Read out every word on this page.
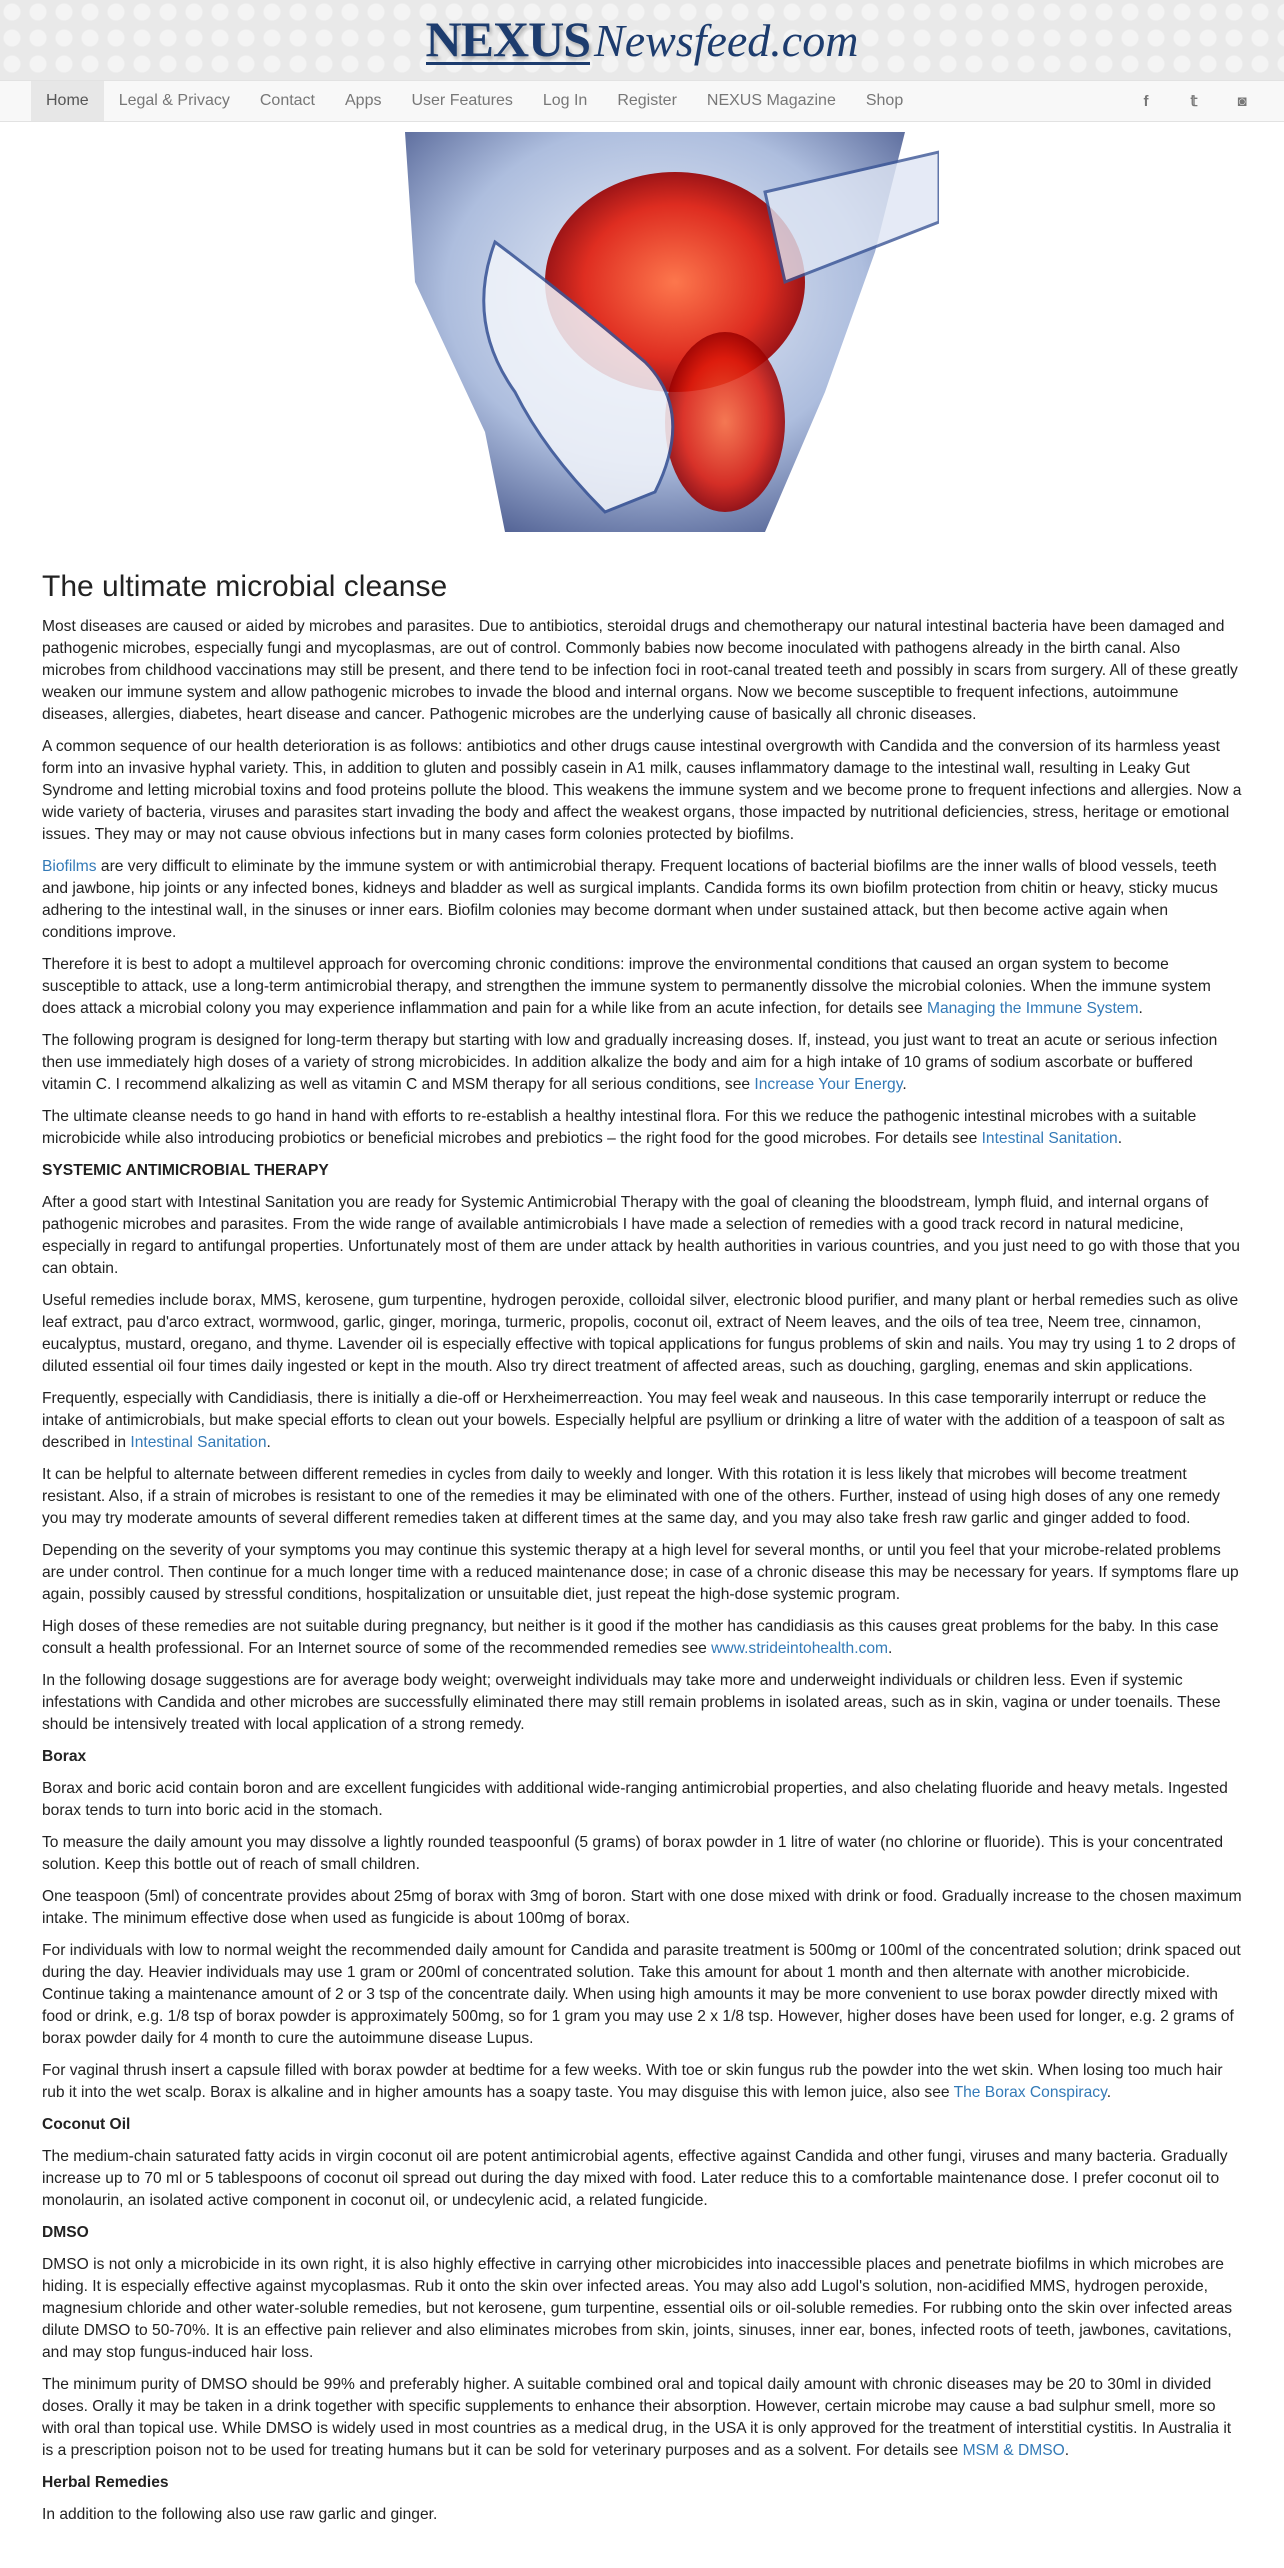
NEXUS Newsfeed.com
Home	Legal & Privacy	Contact	Apps	User Features	Log In	Register	NEXUS Magazine	Shop	f	𝕥	◙
The ultimate microbial cleanse

Most diseases are caused or aided by microbes and parasites. Due to antibiotics, steroidal drugs and chemotherapy our natural intestinal bacteria have been damaged and pathogenic microbes, especially fungi and mycoplasmas, are out of control. Commonly babies now become inoculated with pathogens already in the birth canal. Also microbes from childhood vaccinations may still be present, and there tend to be infection foci in root-canal treated teeth and possibly in scars from surgery. All of these greatly weaken our immune system and allow pathogenic microbes to invade the blood and internal organs. Now we become susceptible to frequent infections, autoimmune diseases, allergies, diabetes, heart disease and cancer. Pathogenic microbes are the underlying cause of basically all chronic diseases.

A common sequence of our health deterioration is as follows: antibiotics and other drugs cause intestinal overgrowth with Candida and the conversion of its harmless yeast form into an invasive hyphal variety. This, in addition to gluten and possibly casein in A1 milk, causes inflammatory damage to the intestinal wall, resulting in Leaky Gut Syndrome and letting microbial toxins and food proteins pollute the blood. This weakens the immune system and we become prone to frequent infections and allergies. Now a wide variety of bacteria, viruses and parasites start invading the body and affect the weakest organs, those impacted by nutritional deficiencies, stress, heritage or emotional issues. They may or may not cause obvious infections but in many cases form colonies protected by biofilms.

Biofilms are very difficult to eliminate by the immune system or with antimicrobial therapy. Frequent locations of bacterial biofilms are the inner walls of blood vessels, teeth and jawbone, hip joints or any infected bones, kidneys and bladder as well as surgical implants. Candida forms its own biofilm protection from chitin or heavy, sticky mucus adhering to the intestinal wall, in the sinuses or inner ears. Biofilm colonies may become dormant when under sustained attack, but then become active again when conditions improve.

Therefore it is best to adopt a multilevel approach for overcoming chronic conditions: improve the environmental conditions that caused an organ system to become susceptible to attack, use a long-term antimicrobial therapy, and strengthen the immune system to permanently dissolve the microbial colonies. When the immune system does attack a microbial colony you may experience inflammation and pain for a while like from an acute infection, for details see Managing the Immune System.

The following program is designed for long-term therapy but starting with low and gradually increasing doses. If, instead, you just want to treat an acute or serious infection then use immediately high doses of a variety of strong microbicides. In addition alkalize the body and aim for a high intake of 10 grams of sodium ascorbate or buffered vitamin C. I recommend alkalizing as well as vitamin C and MSM therapy for all serious conditions, see Increase Your Energy.

The ultimate cleanse needs to go hand in hand with efforts to re-establish a healthy intestinal flora. For this we reduce the pathogenic intestinal microbes with a suitable microbicide while also introducing probiotics or beneficial microbes and prebiotics – the right food for the good microbes. For details see Intestinal Sanitation.

SYSTEMIC ANTIMICROBIAL THERAPY

After a good start with Intestinal Sanitation you are ready for Systemic Antimicrobial Therapy with the goal of cleaning the bloodstream, lymph fluid, and internal organs of pathogenic microbes and parasites. From the wide range of available antimicrobials I have made a selection of remedies with a good track record in natural medicine, especially in regard to antifungal properties. Unfortunately most of them are under attack by health authorities in various countries, and you just need to go with those that you can obtain.

Useful remedies include borax, MMS, kerosene, gum turpentine, hydrogen peroxide, colloidal silver, electronic blood purifier, and many plant or herbal remedies such as olive leaf extract, pau d'arco extract, wormwood, garlic, ginger, moringa, turmeric, propolis, coconut oil, extract of Neem leaves, and the oils of tea tree, Neem tree, cinnamon, eucalyptus, mustard, oregano, and thyme. Lavender oil is especially effective with topical applications for fungus problems of skin and nails. You may try using 1 to 2 drops of diluted essential oil four times daily ingested or kept in the mouth. Also try direct treatment of affected areas, such as douching, gargling, enemas and skin applications.

Frequently, especially with Candidiasis, there is initially a die-off or Herxheimerreaction. You may feel weak and nauseous. In this case temporarily interrupt or reduce the intake of antimicrobials, but make special efforts to clean out your bowels. Especially helpful are psyllium or drinking a litre of water with the addition of a teaspoon of salt as described in Intestinal Sanitation.

It can be helpful to alternate between different remedies in cycles from daily to weekly and longer. With this rotation it is less likely that microbes will become treatment resistant. Also, if a strain of microbes is resistant to one of the remedies it may be eliminated with one of the others. Further, instead of using high doses of any one remedy you may try moderate amounts of several different remedies taken at different times at the same day, and you may also take fresh raw garlic and ginger added to food.

Depending on the severity of your symptoms you may continue this systemic therapy at a high level for several months, or until you feel that your microbe-related problems are under control. Then continue for a much longer time with a reduced maintenance dose; in case of a chronic disease this may be necessary for years. If symptoms flare up again, possibly caused by stressful conditions, hospitalization or unsuitable diet, just repeat the high-dose systemic program.

High doses of these remedies are not suitable during pregnancy, but neither is it good if the mother has candidiasis as this causes great problems for the baby. In this case consult a health professional. For an Internet source of some of the recommended remedies see www.strideintohealth.com.

In the following dosage suggestions are for average body weight; overweight individuals may take more and underweight individuals or children less. Even if systemic infestations with Candida and other microbes are successfully eliminated there may still remain problems in isolated areas, such as in skin, vagina or under toenails. These should be intensively treated with local application of a strong remedy.

Borax

Borax and boric acid contain boron and are excellent fungicides with additional wide-ranging antimicrobial properties, and also chelating fluoride and heavy metals. Ingested borax tends to turn into boric acid in the stomach.

To measure the daily amount you may dissolve a lightly rounded teaspoonful (5 grams) of borax powder in 1 litre of water (no chlorine or fluoride). This is your concentrated solution. Keep this bottle out of reach of small children.

One teaspoon (5ml) of concentrate provides about 25mg of borax with 3mg of boron. Start with one dose mixed with drink or food. Gradually increase to the chosen maximum intake. The minimum effective dose when used as fungicide is about 100mg of borax.

For individuals with low to normal weight the recommended daily amount for Candida and parasite treatment is 500mg or 100ml of the concentrated solution; drink spaced out during the day. Heavier individuals may use 1 gram or 200ml of concentrated solution. Take this amount for about 1 month and then alternate with another microbicide. Continue taking a maintenance amount of 2 or 3 tsp of the concentrate daily. When using high amounts it may be more convenient to use borax powder directly mixed with food or drink, e.g. 1/8 tsp of borax powder is approximately 500mg, so for 1 gram you may use 2 x 1/8 tsp. However, higher doses have been used for longer, e.g. 2 grams of borax powder daily for 4 month to cure the autoimmune disease Lupus.

For vaginal thrush insert a capsule filled with borax powder at bedtime for a few weeks. With toe or skin fungus rub the powder into the wet skin. When losing too much hair rub it into the wet scalp. Borax is alkaline and in higher amounts has a soapy taste. You may disguise this with lemon juice, also see The Borax Conspiracy.

Coconut Oil

The medium-chain saturated fatty acids in virgin coconut oil are potent antimicrobial agents, effective against Candida and other fungi, viruses and many bacteria. Gradually increase up to 70 ml or 5 tablespoons of coconut oil spread out during the day mixed with food. Later reduce this to a comfortable maintenance dose. I prefer coconut oil to monolaurin, an isolated active component in coconut oil, or undecylenic acid, a related fungicide.

DMSO

DMSO is not only a microbicide in its own right, it is also highly effective in carrying other microbicides into inaccessible places and penetrate biofilms in which microbes are hiding. It is especially effective against mycoplasmas. Rub it onto the skin over infected areas. You may also add Lugol's solution, non-acidified MMS, hydrogen peroxide, magnesium chloride and other water-soluble remedies, but not kerosene, gum turpentine, essential oils or oil-soluble remedies. For rubbing onto the skin over infected areas dilute DMSO to 50-70%. It is an effective pain reliever and also eliminates microbes from skin, joints, sinuses, inner ear, bones, infected roots of teeth, jawbones, cavitations, and may stop fungus-induced hair loss.

The minimum purity of DMSO should be 99% and preferably higher. A suitable combined oral and topical daily amount with chronic diseases may be 20 to 30ml in divided doses. Orally it may be taken in a drink together with specific supplements to enhance their absorption. However, certain microbe may cause a bad sulphur smell, more so with oral than topical use. While DMSO is widely used in most countries as a medical drug, in the USA it is only approved for the treatment of interstitial cystitis. In Australia it is a prescription poison not to be used for treating humans but it can be sold for veterinary purposes and as a solvent. For details see MSM & DMSO.

Herbal Remedies

In addition to the following also use raw garlic and ginger.
